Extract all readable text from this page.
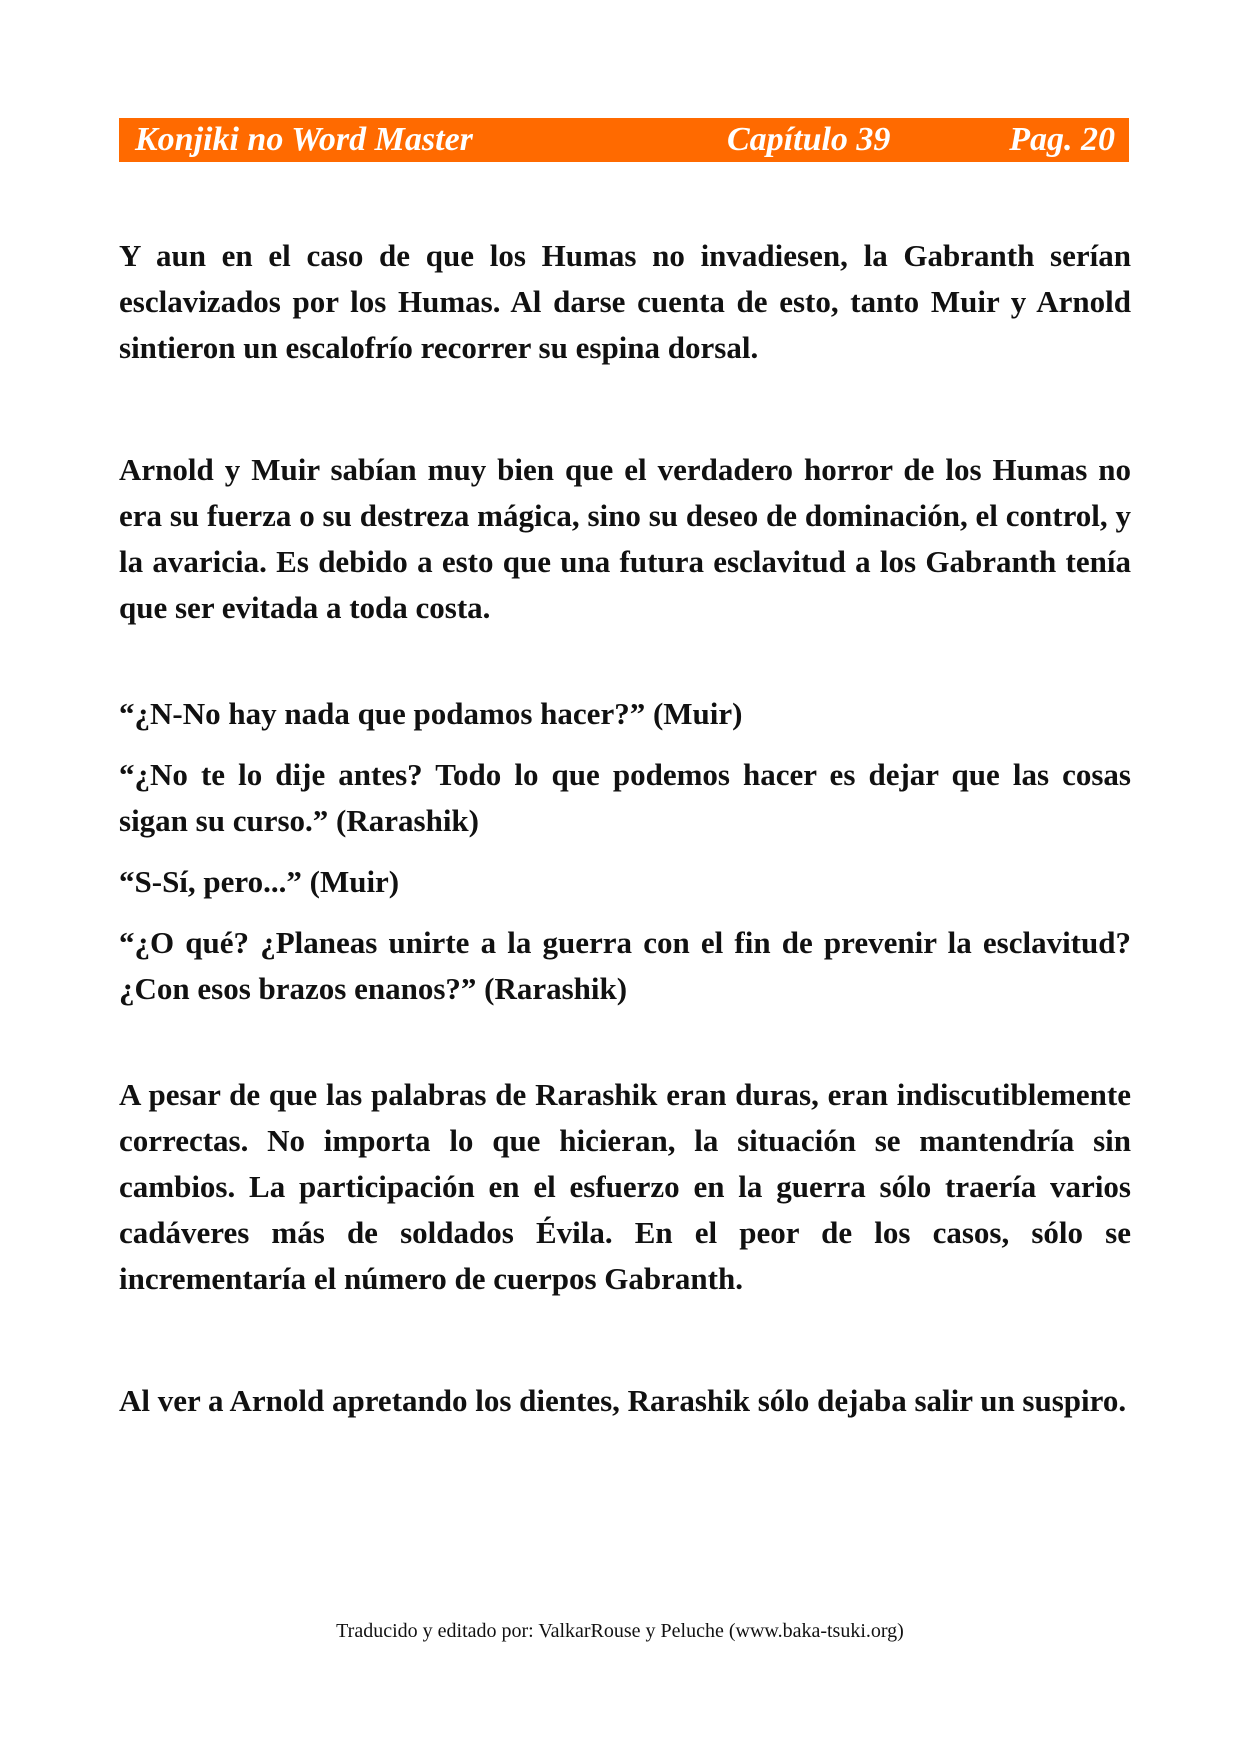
Konjiki no Word Master	Capítulo 39	Pag. 20

Y aun en el caso de que los Humas no invadiesen, la Gabranth serían esclavizados por los Humas. Al darse cuenta de esto, tanto Muir y Arnold sintieron un escalofrío recorrer su espina dorsal.

Arnold y Muir sabían muy bien que el verdadero horror de los Humas no era su fuerza o su destreza mágica, sino su deseo de dominación, el control, y la avaricia. Es debido a esto que una futura esclavitud a los Gabranth tenía que ser evitada a toda costa.

“¿N-No hay nada que podamos hacer?” (Muir)

“¿No te lo dije antes? Todo lo que podemos hacer es dejar que las cosas sigan su curso.” (Rarashik)

“S-Sí, pero...” (Muir)

“¿O qué? ¿Planeas unirte a la guerra con el fin de prevenir la esclavitud? ¿Con esos brazos enanos?” (Rarashik)

A pesar de que las palabras de Rarashik eran duras, eran indiscutiblemente correctas. No importa lo que hicieran, la situación se mantendría sin cambios. La participación en el esfuerzo en la guerra sólo traería varios cadáveres más de soldados Évila. En el peor de los casos, sólo se incrementaría el número de cuerpos Gabranth.

Al ver a Arnold apretando los dientes, Rarashik sólo dejaba salir un suspiro.

Traducido y editado por: ValkarRouse y Peluche (www.baka-tsuki.org)
